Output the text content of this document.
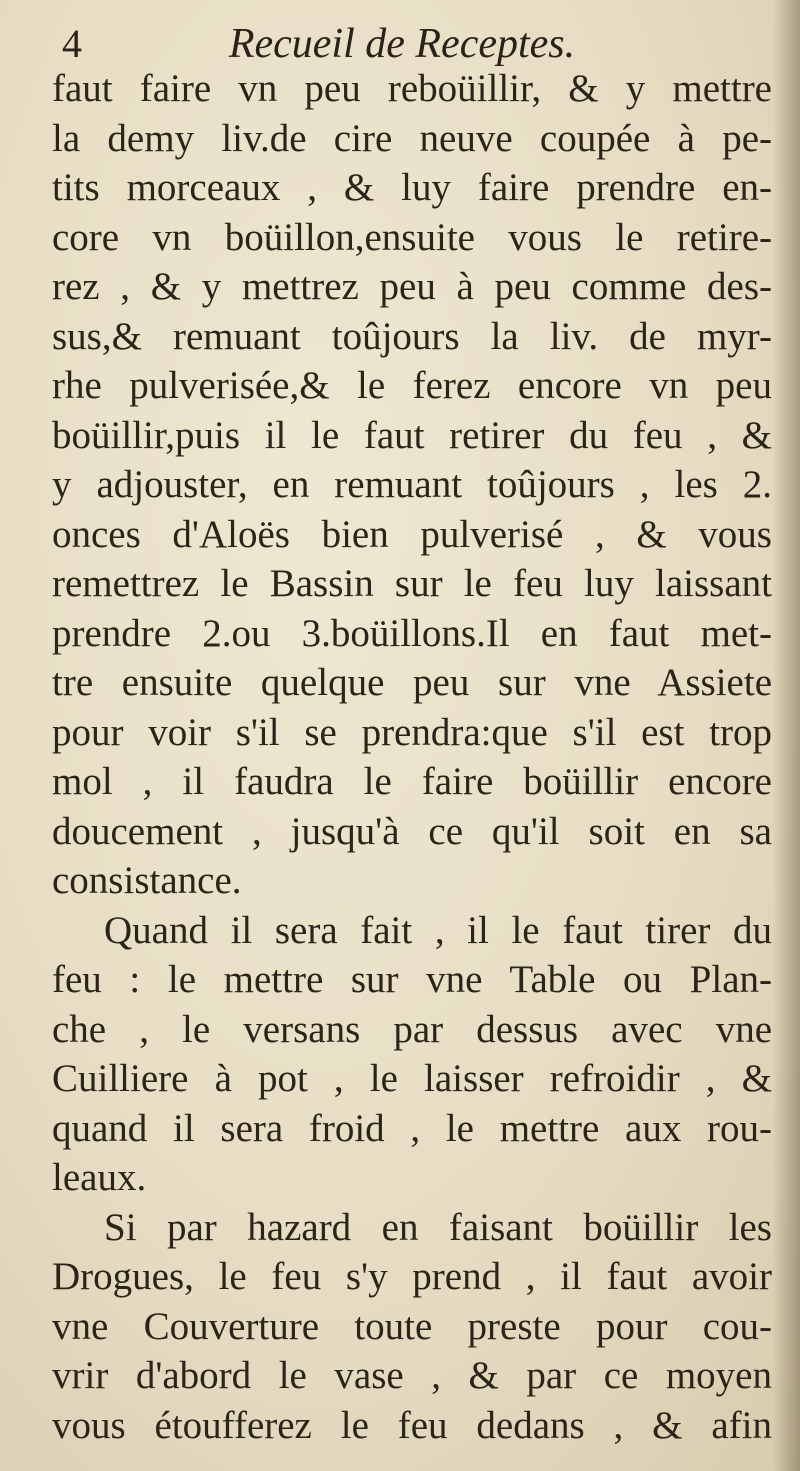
4	Recueil de Receptes.
faut faire vn peu reboüillir, & y mettre
la demy liv.de cire neuve coupée à pe-
tits morceaux , & luy faire prendre en-
core vn boüillon,ensuite vous le retire-
rez , & y mettrez peu à peu comme des-
sus,& remuant toûjours la liv. de myr-
rhe pulverisée,& le ferez encore vn peu
boüillir,puis il le faut retirer du feu , &
y adjouster, en remuant toûjours , les 2.
onces d'Aloës bien pulverisé , & vous
remettrez le Bassin sur le feu luy laissant
prendre 2.ou 3.boüillons.Il en faut met-
tre ensuite quelque peu sur vne Assiete
pour voir s'il se prendra:que s'il est trop
mol , il faudra le faire boüillir encore
doucement , jusqu'à ce qu'il soit en sa
consistance.
Quand il sera fait , il le faut tirer du
feu : le mettre sur vne Table ou Plan-
che , le versans par dessus avec vne
Cuilliere à pot , le laisser refroidir , &
quand il sera froid , le mettre aux rou-
leaux.
Si par hazard en faisant boüillir les
Drogues, le feu s'y prend , il faut avoir
vne Couverture toute preste pour cou-
vrir d'abord le vase , & par ce moyen
vous étoufferez le feu dedans , & afin
